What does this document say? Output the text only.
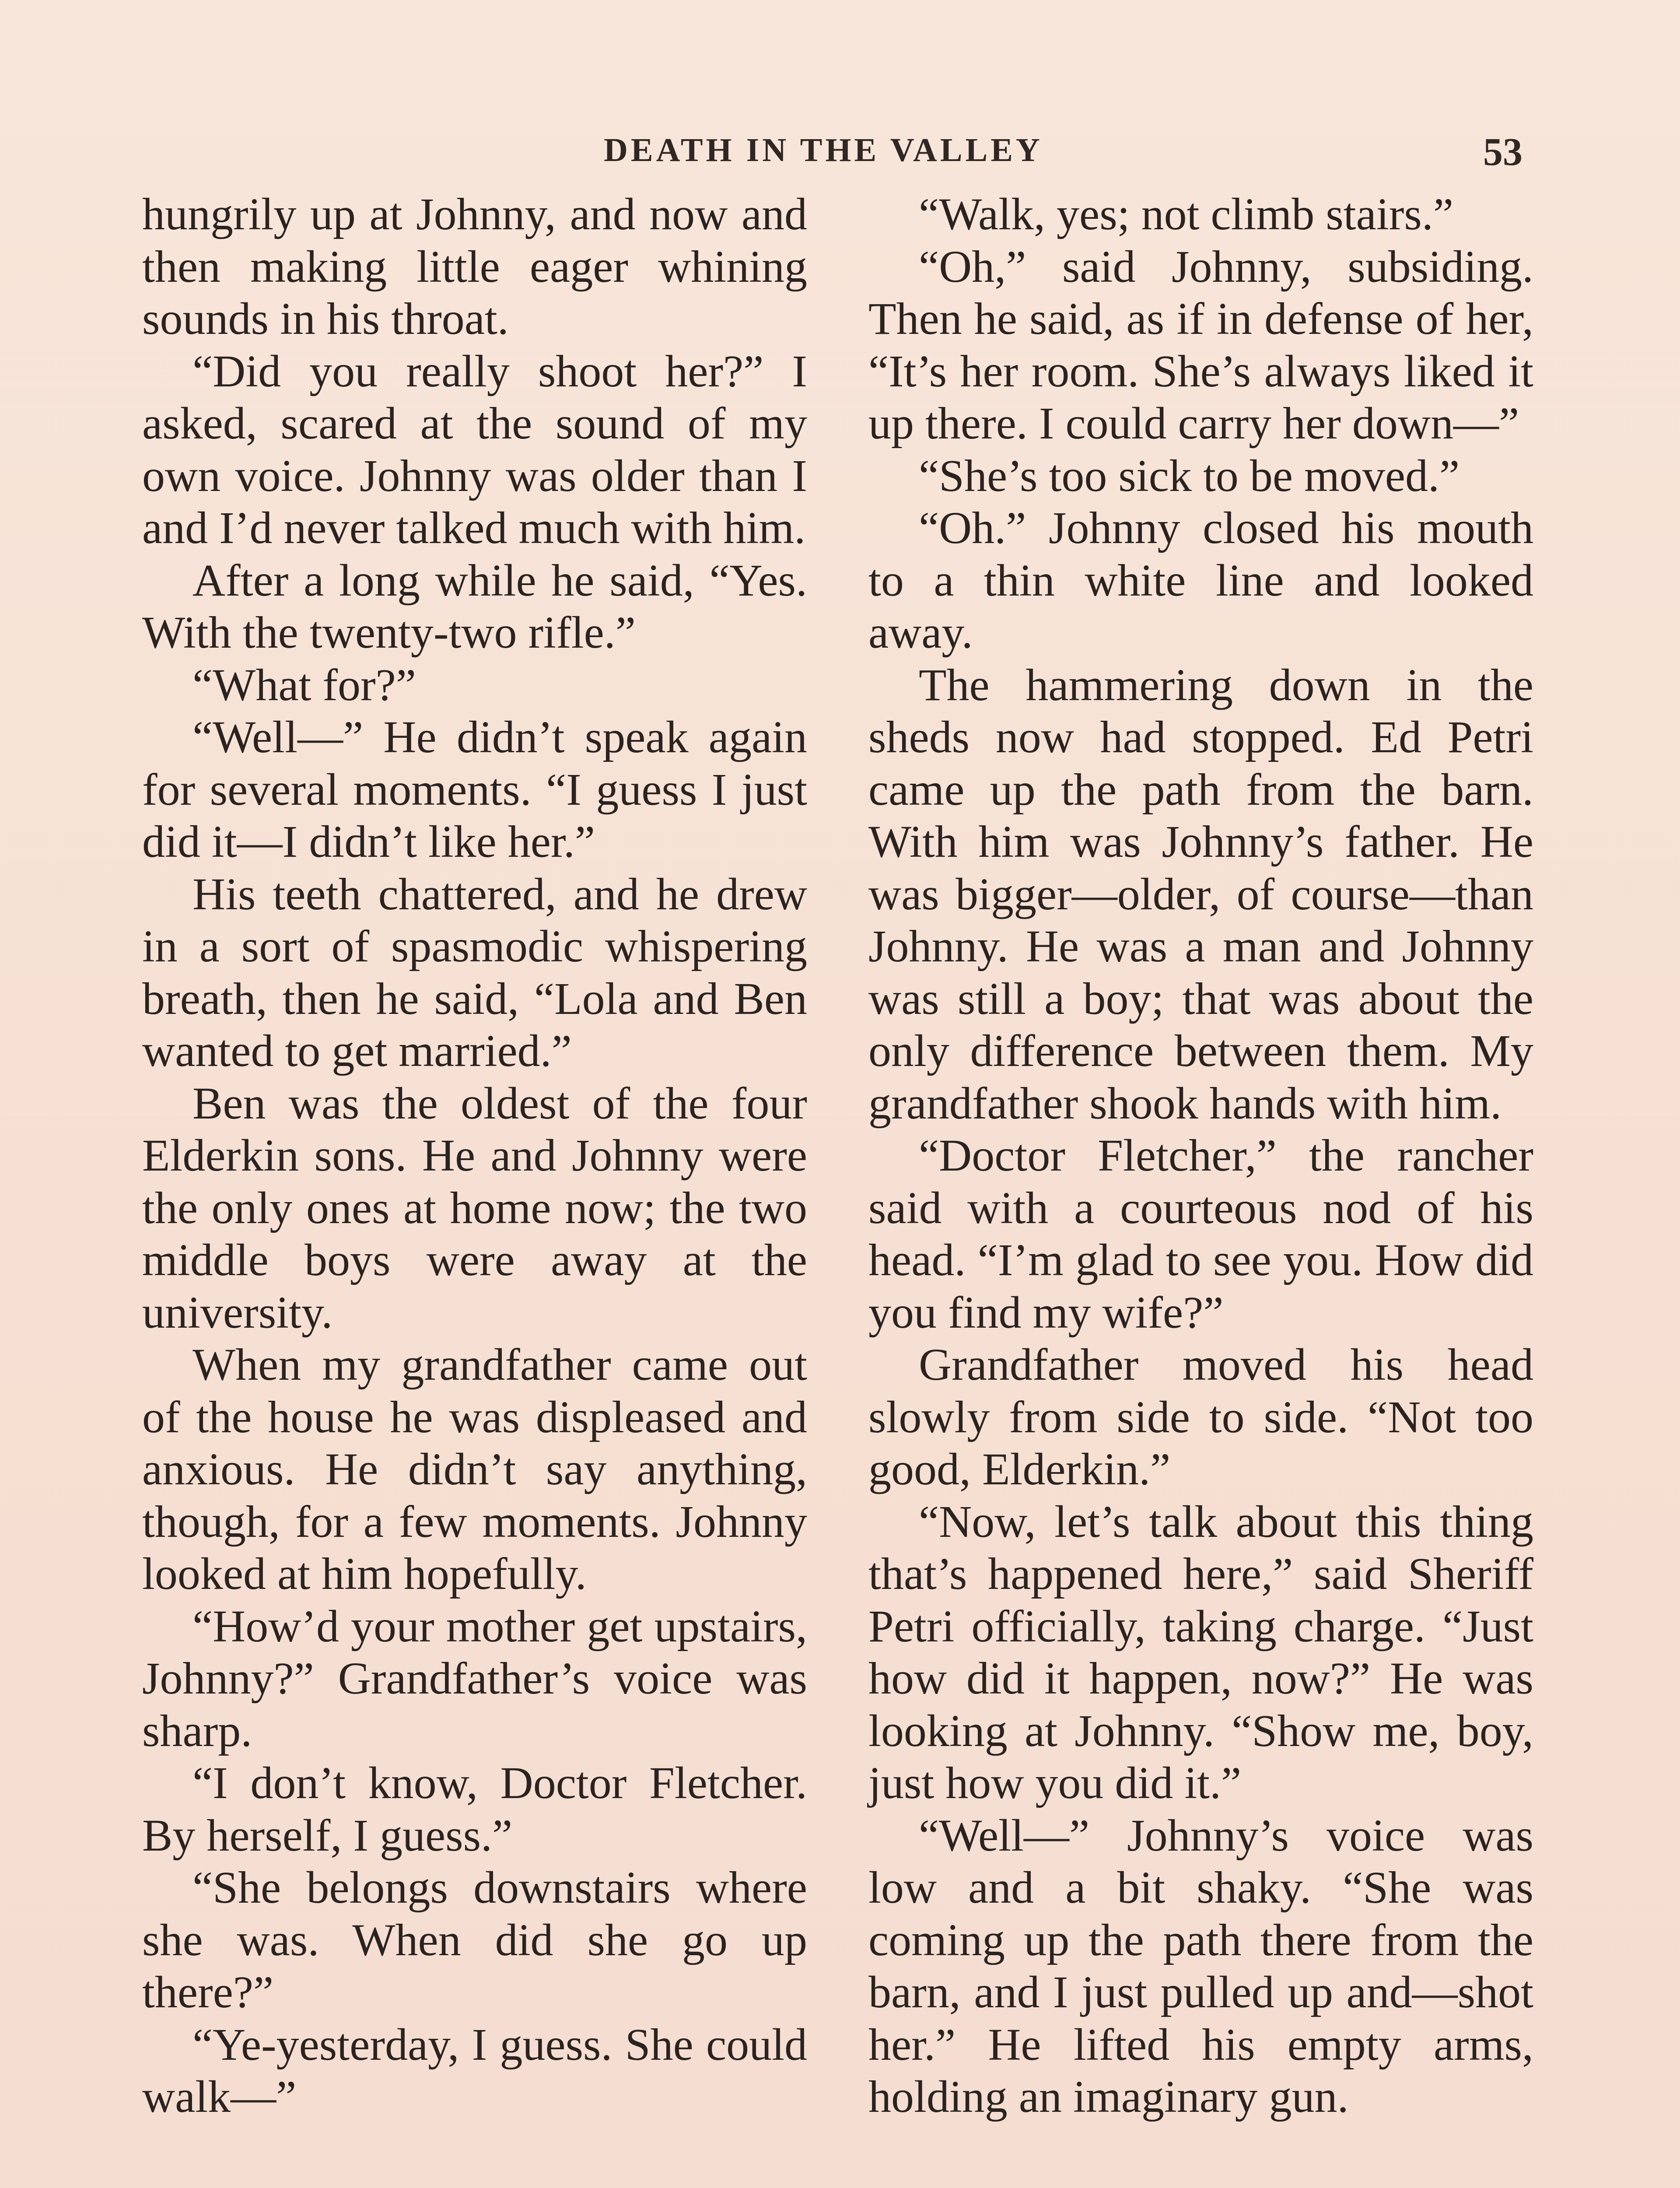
DEATH IN THE VALLEY	53

hungrily up at Johnny, and now and then making little eager whining sounds in his throat.

“Did you really shoot her?” I asked, scared at the sound of my own voice. Johnny was older than I and I’d never talked much with him.

After a long while he said, “Yes. With the twenty-two rifle.”

“What for?”

“Well—” He didn’t speak again for several moments. “I guess I just did it—I didn’t like her.”

His teeth chattered, and he drew in a sort of spasmodic whispering breath, then he said, “Lola and Ben wanted to get married.”

Ben was the oldest of the four Elderkin sons. He and Johnny were the only ones at home now; the two middle boys were away at the university.

When my grandfather came out of the house he was displeased and anxious. He didn’t say anything, though, for a few moments. Johnny looked at him hopefully.

“How’d your mother get upstairs, Johnny?” Grandfather’s voice was sharp.

“I don’t know, Doctor Fletcher. By herself, I guess.”

“She belongs downstairs where she was. When did she go up there?”

“Ye-yesterday, I guess. She could walk—”

“Walk, yes; not climb stairs.”

“Oh,” said Johnny, subsiding. Then he said, as if in defense of her, “It’s her room. She’s always liked it up there. I could carry her down—”

“She’s too sick to be moved.”

“Oh.” Johnny closed his mouth to a thin white line and looked away.

The hammering down in the sheds now had stopped. Ed Petri came up the path from the barn. With him was Johnny’s father. He was bigger—older, of course—than Johnny. He was a man and Johnny was still a boy; that was about the only difference between them. My grandfather shook hands with him.

“Doctor Fletcher,” the rancher said with a courteous nod of his head. “I’m glad to see you. How did you find my wife?”

Grandfather moved his head slowly from side to side. “Not too good, Elderkin.”

“Now, let’s talk about this thing that’s happened here,” said Sheriff Petri officially, taking charge. “Just how did it happen, now?” He was looking at Johnny. “Show me, boy, just how you did it.”

“Well—” Johnny’s voice was low and a bit shaky. “She was coming up the path there from the barn, and I just pulled up and—shot her.” He lifted his empty arms, holding an imaginary gun.
